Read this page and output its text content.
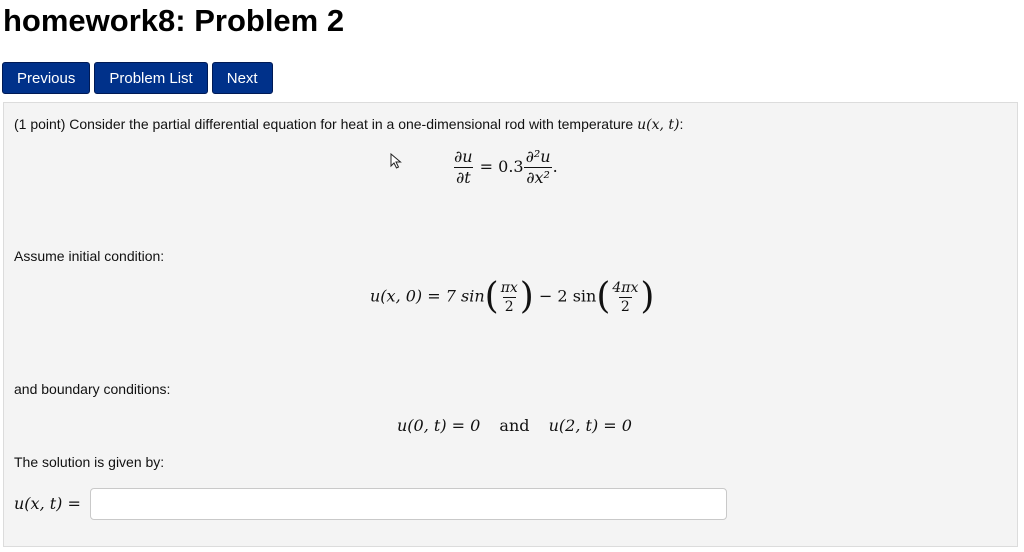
homework8: Problem 2
Previous	Problem List	Next
(1 point) Consider the partial differential equation for heat in a one-dimensional rod with temperature u(x, t):
$\frac{\partial u}{\partial t} = 0.3 \frac{\text{∂²u}}{\text{∂x²}}$ .
Assume initial condition:
u(x, 0) = 7 $\sin( \frac{\pi x}{2}$ ) − 2 $\sin( \frac{4\pi x}{2}$ )
and boundary conditions:
u(0, t) = 0 and u(2, t) = 0
The solution is given by:
u(x, t) =
